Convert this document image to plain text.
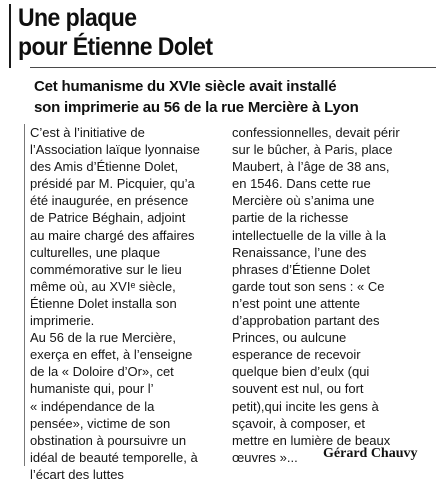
Une plaque
pour Étienne Dolet
Cet humanisme du XVIe siècle avait installé
son imprimerie au 56 de la rue Mercière à Lyon
C’est à l’initiative de
l’Association laïque lyonnaise
des Amis d’Étienne Dolet,
présidé par M. Picquier, qu’a
été inaugurée, en présence
de Patrice Béghain, adjoint
au maire chargé des affaires
culturelles, une plaque
commémorative sur le lieu
même où, au XVIᵉ siècle,
Étienne Dolet installa son
imprimerie.
Au 56 de la rue Mercière,
exerça en effet, à l’enseigne
de la « Doloire d’Or», cet
humaniste qui, pour l’
« indépendance de la
pensée», victime de son
obstination à poursuivre un
idéal de beauté temporelle, à
l’écart des luttes
confessionnelles, devait périr
sur le bûcher, à Paris, place
Maubert, à l’âge de 38 ans,
en 1546. Dans cette rue
Mercière où s’anima une
partie de la richesse
intellectuelle de la ville à la
Renaissance, l’une des
phrases d’Étienne Dolet
garde tout son sens : « Ce
n’est point une attente
d’approbation partant des
Princes, ou aulcune
esperance de recevoir
quelque bien d’eulx (qui
souvent est nul, ou fort
petit),qui incite les gens à
sçavoir, à composer, et
mettre en lumière de beaux
œuvres »...	Gérard Chauvy
